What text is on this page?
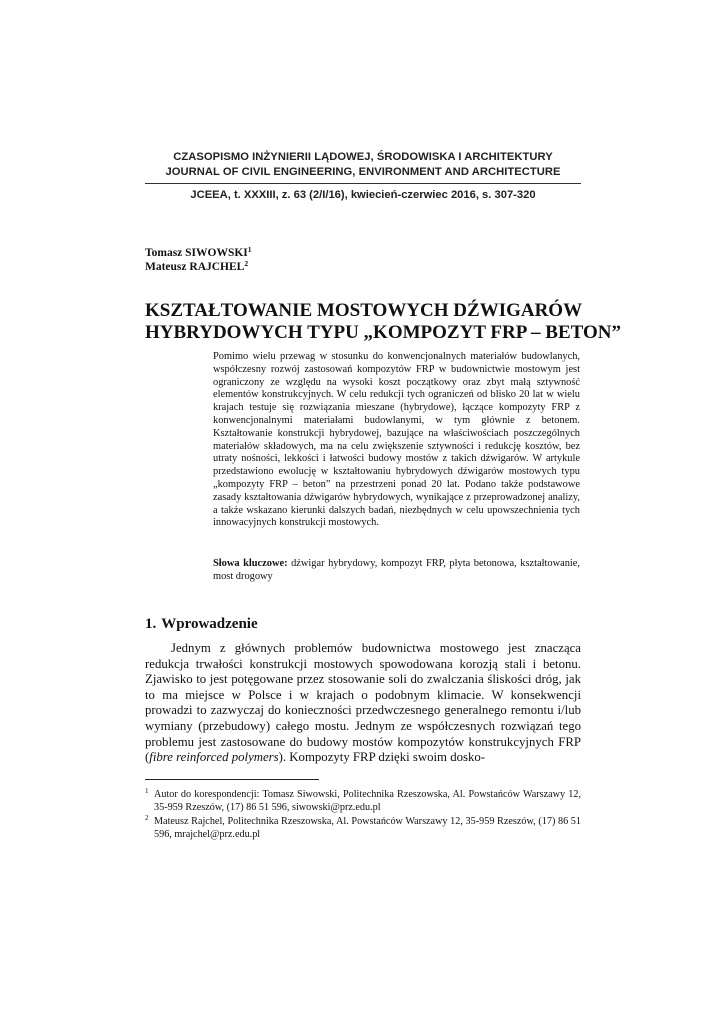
CZASOPISMO INŻYNIERII LĄDOWEJ, ŚRODOWISKA I ARCHITEKTURY
JOURNAL OF CIVIL ENGINEERING, ENVIRONMENT AND ARCHITECTURE
JCEEA, t. XXXIII, z. 63 (2/I/16), kwiecień-czerwiec 2016, s. 307-320
Tomasz SIWOWSKI$^1$
Mateusz RAJCHEL$^2$
KSZTAŁTOWANIE MOSTOWYCH DŹWIGARÓW
HYBRYDOWYCH TYPU „KOMPOZYT FRP – BETON”

Pomimo wielu przewag w stosunku do konwencjonalnych materiałów budowlanych, współczesny rozwój zastosowań kompozytów FRP w budownictwie mostowym jest ograniczony ze względu na wysoki koszt początkowy oraz zbyt małą sztywność elementów konstrukcyjnych. W celu redukcji tych ograniczeń od blisko 20 lat w wielu krajach testuje się rozwiązania mieszane (hybrydowe), łączące kompozyty FRP z konwencjonalnymi materiałami budowlanymi, w tym głównie z betonem. Kształtowanie konstrukcji hybrydowej, bazujące na właściwościach poszczególnych materiałów składowych, ma na celu zwiększenie sztywności i redukcję kosztów, bez utraty nośności, lekkości i łatwości budowy mostów z takich dźwigarów. W artykule przedstawiono ewolucję w kształtowaniu hybrydowych dźwigarów mostowych typu „kompozyty FRP – beton” na przestrzeni ponad 20 lat. Podano także podstawowe zasady kształtowania dźwigarów hybrydowych, wynikające z przeprowadzonej analizy, a także wskazano kierunki dalszych badań, niezbędnych w celu upowszechnienia tych innowacyjnych konstrukcji mostowych.

Słowa kluczowe: dźwigar hybrydowy, kompozyt FRP, płyta betonowa, kształtowanie, most drogowy
1. Wprowadzenie

Jednym z głównych problemów budownictwa mostowego jest znacząca redukcja trwałości konstrukcji mostowych spowodowana korozją stali i betonu. Zjawisko to jest potęgowane przez stosowanie soli do zwalczania śliskości dróg, jak to ma miejsce w Polsce i w krajach o podobnym klimacie. W konsekwencji prowadzi to zazwyczaj do konieczności przedwczesnego generalnego remontu i/lub wymiany (przebudowy) całego mostu. Jednym ze współczesnych rozwiązań tego problemu jest zastosowane do budowy mostów kompozytów konstrukcyjnych FRP (fibre reinforced polymers). Kompozyty FRP dzięki swoim dosko-

1 Autor do korespondencji: Tomasz Siwowski, Politechnika Rzeszowska, Al. Powstańców Warszawy 12, 35-959 Rzeszów, (17) 86 51 596, siwowski@prz.edu.pl
2 Mateusz Rajchel, Politechnika Rzeszowska, Al. Powstańców Warszawy 12, 35-959 Rzeszów, (17) 86 51 596, mrajchel@prz.edu.pl
